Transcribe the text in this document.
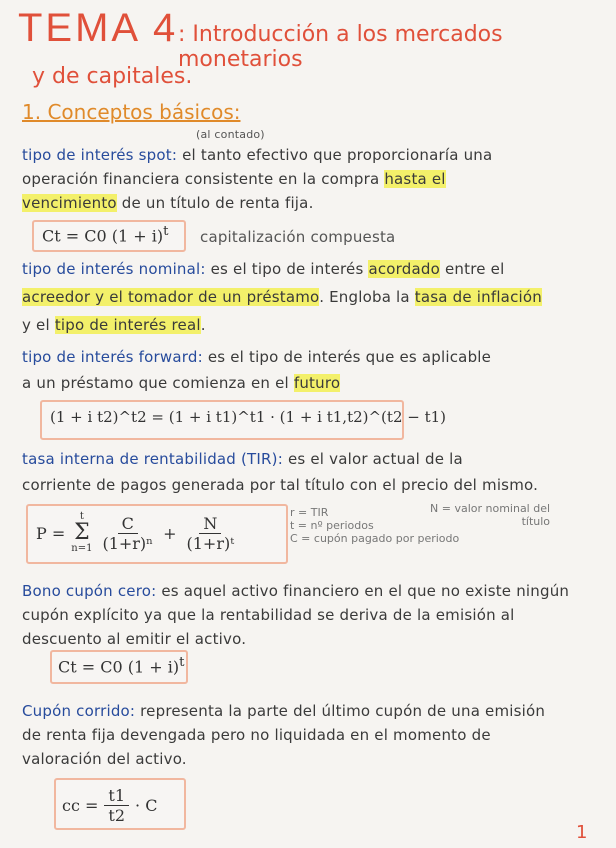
TEMA 4 : Introducción a los mercados monetarios
y de capitales.
1. Conceptos básicos:
(al contado)
tipo de interés spot: el tanto efectivo que proporcionaría una
operación financiera consistente en la compra hasta el
vencimiento de un título de renta fija.
Ct = C0 $(1 + i)^t$ capitalización compuesta
tipo de interés nominal: es el tipo de interés acordado entre el
acreedor y el tomador de un préstamo. Engloba la tasa de inflación
y el tipo de interés real.
tipo de interés forward: es el tipo de interés que es aplicable
a un préstamo que comienza en el futuro
(1 + i t2)^t2 = (1 + i t1)^t1 · (1 + i t1,t2)^(t2 − t1)
tasa interna de rentabilidad (TIR): es el valor actual de la
corriente de pagos generada por tal título con el precio del mismo.
P =
t
Σ
$n=1 \frac{C}{\text{(1+r)ⁿ}} + \frac{N}{\text{(1+r)ᵗ}}$
r = TIR
t = nº periodos
C = cupón pagado por periodo
N = valor nominal del
título
Bono cupón cero: es aquel activo financiero en el que no existe ningún
cupón explícito ya que la rentabilidad se deriva de la emisión al
descuento al emitir el activo.
Ct = C0 $(1 + i)^t$
Cupón corrido: representa la parte del último cupón de una emisión
de renta fija devengada pero no liquidada en el momento de
valoración del activo.
cc = $\frac{t1}{t2} \cdot C$
1
